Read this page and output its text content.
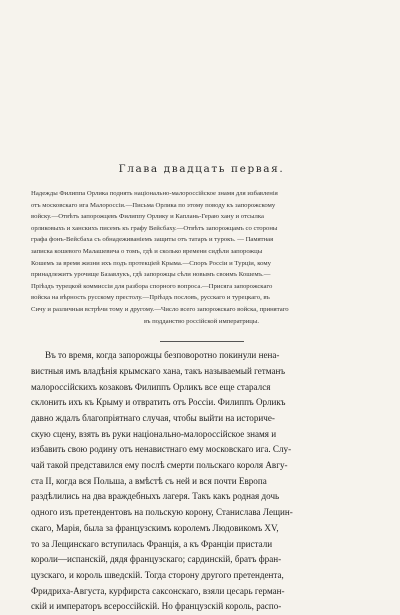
Глава двадцать первая.
Надежды Филиппа Орлика поднять національно-малороссійское знамя для избавленія
отъ московскаго ига Малороссіи.—Письма Орлика по этому поводу къ запорожскому
войску.—Отвѣтъ запорожцевъ Филиппу Орлику и Каплань-Гераю хану и отсылка
орликовыхъ и ханскихъ писемъ къ графу Вейсбаху.—Отвѣтъ запорожцамъ со стороны
графа фонъ-Вейсбаха съ обнадеживаніемъ защиты отъ татаръ и турокъ. — Памятная
записка кошевого Малашевича о томъ, гдѣ и сколько времени сидѣли запорожцы
Кошемъ за время жизни ихъ подъ протекціей Крыма.—Споръ Россіи и Турціи, кому
принадлежитъ урочище Базавлукъ, гдѣ запорожцы сѣли новымъ своимъ Кошемъ.—
Пріѣздъ турецкой коммиссіи для разбора спорного вопроса.—Присяга запорожскаго
войска на вѣрность русскому престолу.—Пріѣздъ пословъ, русскаго и турецкаго, въ
Сичу и различныя встрѣчи тому и другому.—Число всего запорожскаго войска, принятаго
въ подданство россійской императрицы.
Въ то время, когда запорожцы безповоротно покинули нена-
вистныя имъ владѣнія крымскаго хана, такъ называемый гетманъ
малороссійскихъ козаковъ Филиппъ Орликъ все еще старался
склонить ихъ къ Крыму и отвратить отъ Россіи. Филиппъ Орликъ
давно ждалъ благопріятнаго случая, чтобы выйти на историче-
скую сцену, взять въ руки національно-малороссійское знамя и
избавить свою родину отъ ненавистнаго ему московскаго ига. Слу-
чай такой представился ему послѣ смерти польскаго короля Авгу-
ста II, когда вся Польша, а вмѣстѣ съ ней и вся почти Европа
раздѣлились на два враждебныхъ лагеря. Такъ какъ родная дочь
одного изъ претендентовъ на польскую корону, Станислава Лещин-
скаго, Марія, была за французскимъ королемъ Людовикомъ XV,
то за Лещинскаго вступилась Франція, а къ Франціи пристали
короли—испанскій, дядя французскаго; сардинскій, братъ фран-
цузскаго, и король шведскій. Тогда сторону другого претендента,
Фридриха-Августа, курфирста саксонскаго, взяли цесарь герман-
скій и императоръ всероссійскій. Но французскій король, распо-
